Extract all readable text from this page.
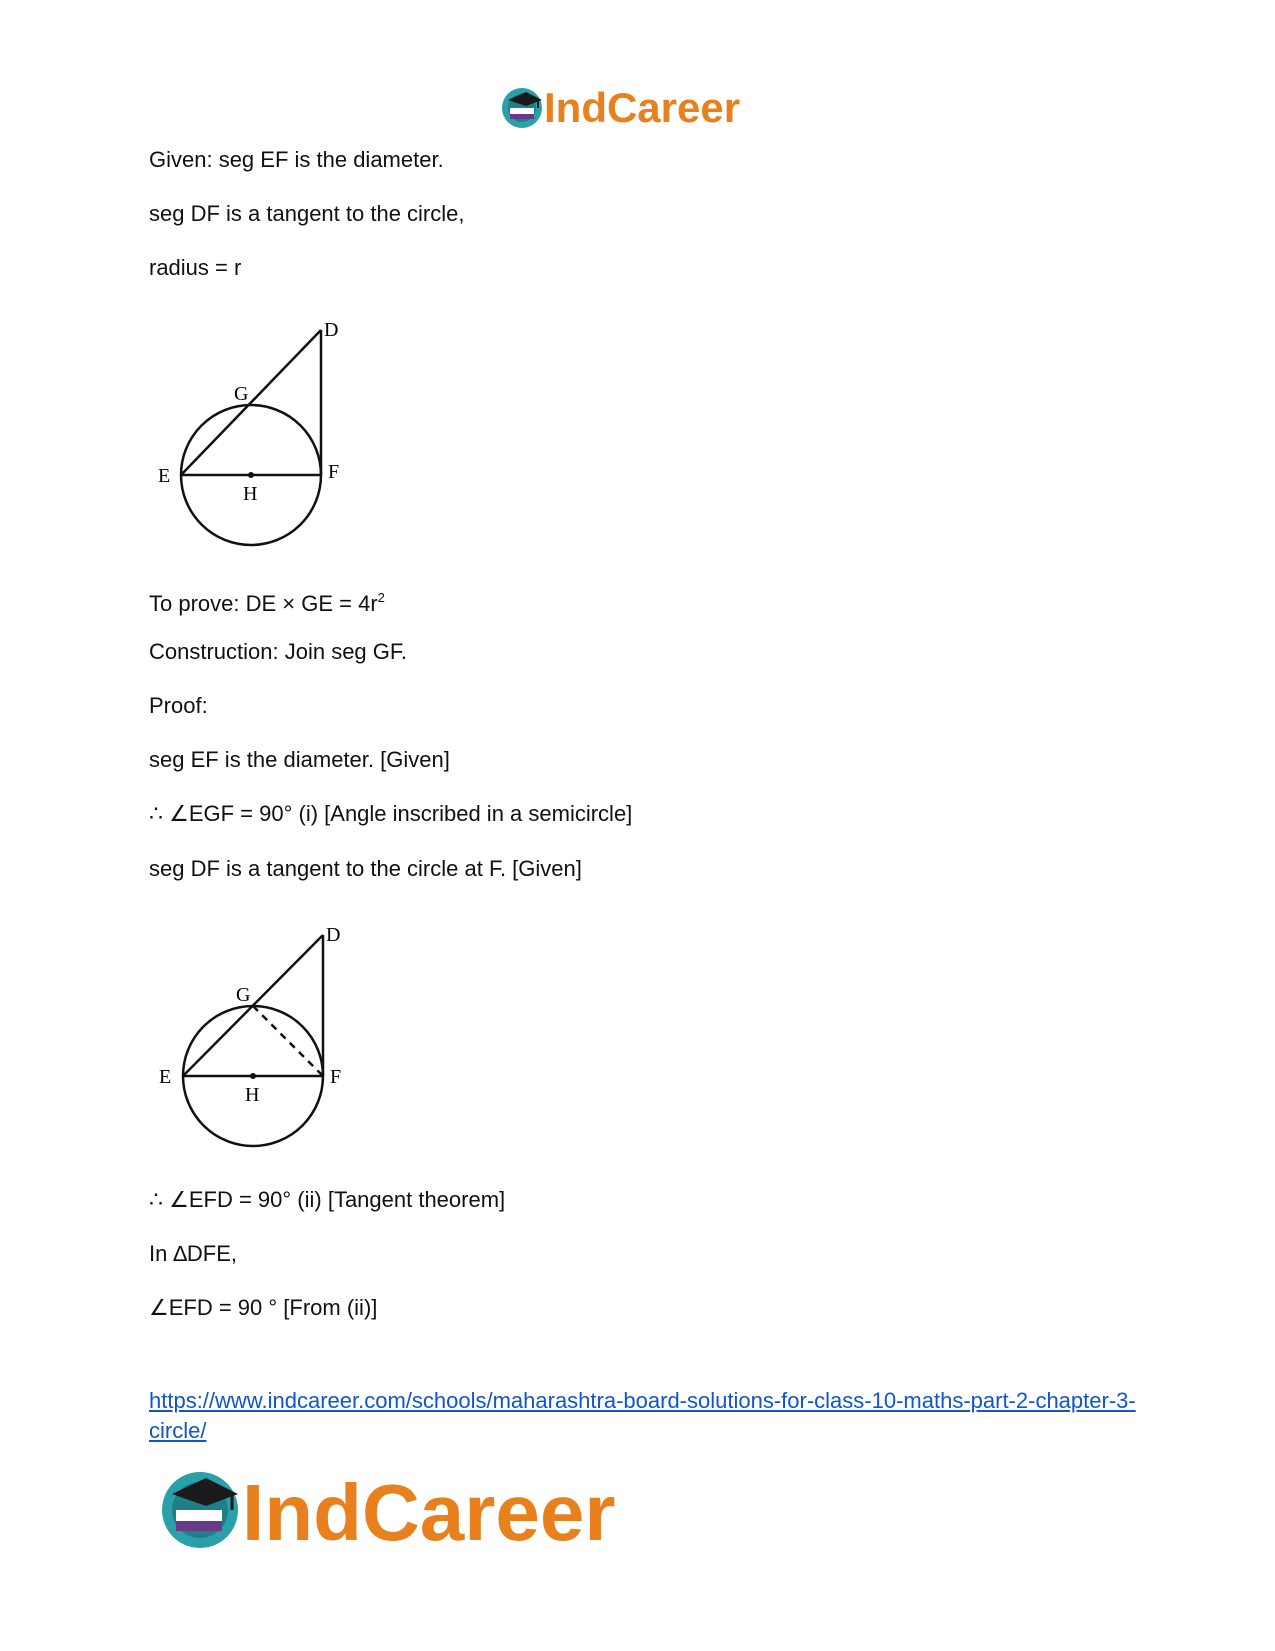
IndCareer
Given: seg EF is the diameter.
seg DF is a tangent to the circle,
radius = r
D
G
E	F
H
To prove: DE × GE = $4r^2$
Construction: Join seg GF.
Proof:
seg EF is the diameter. [Given]
∴ ∠EGF = 90° (i) [Angle inscribed in a semicircle]
seg DF is a tangent to the circle at F. [Given]
D
G
E	F
H
∴ ∠EFD = 90° (ii) [Tangent theorem]
In ∆DFE,
∠EFD = 90 ° [From (ii)]
https://www.indcareer.com/schools/maharashtra-board-solutions-for-class-10-maths-part-2-chapter-3-circle/
IndCareer
